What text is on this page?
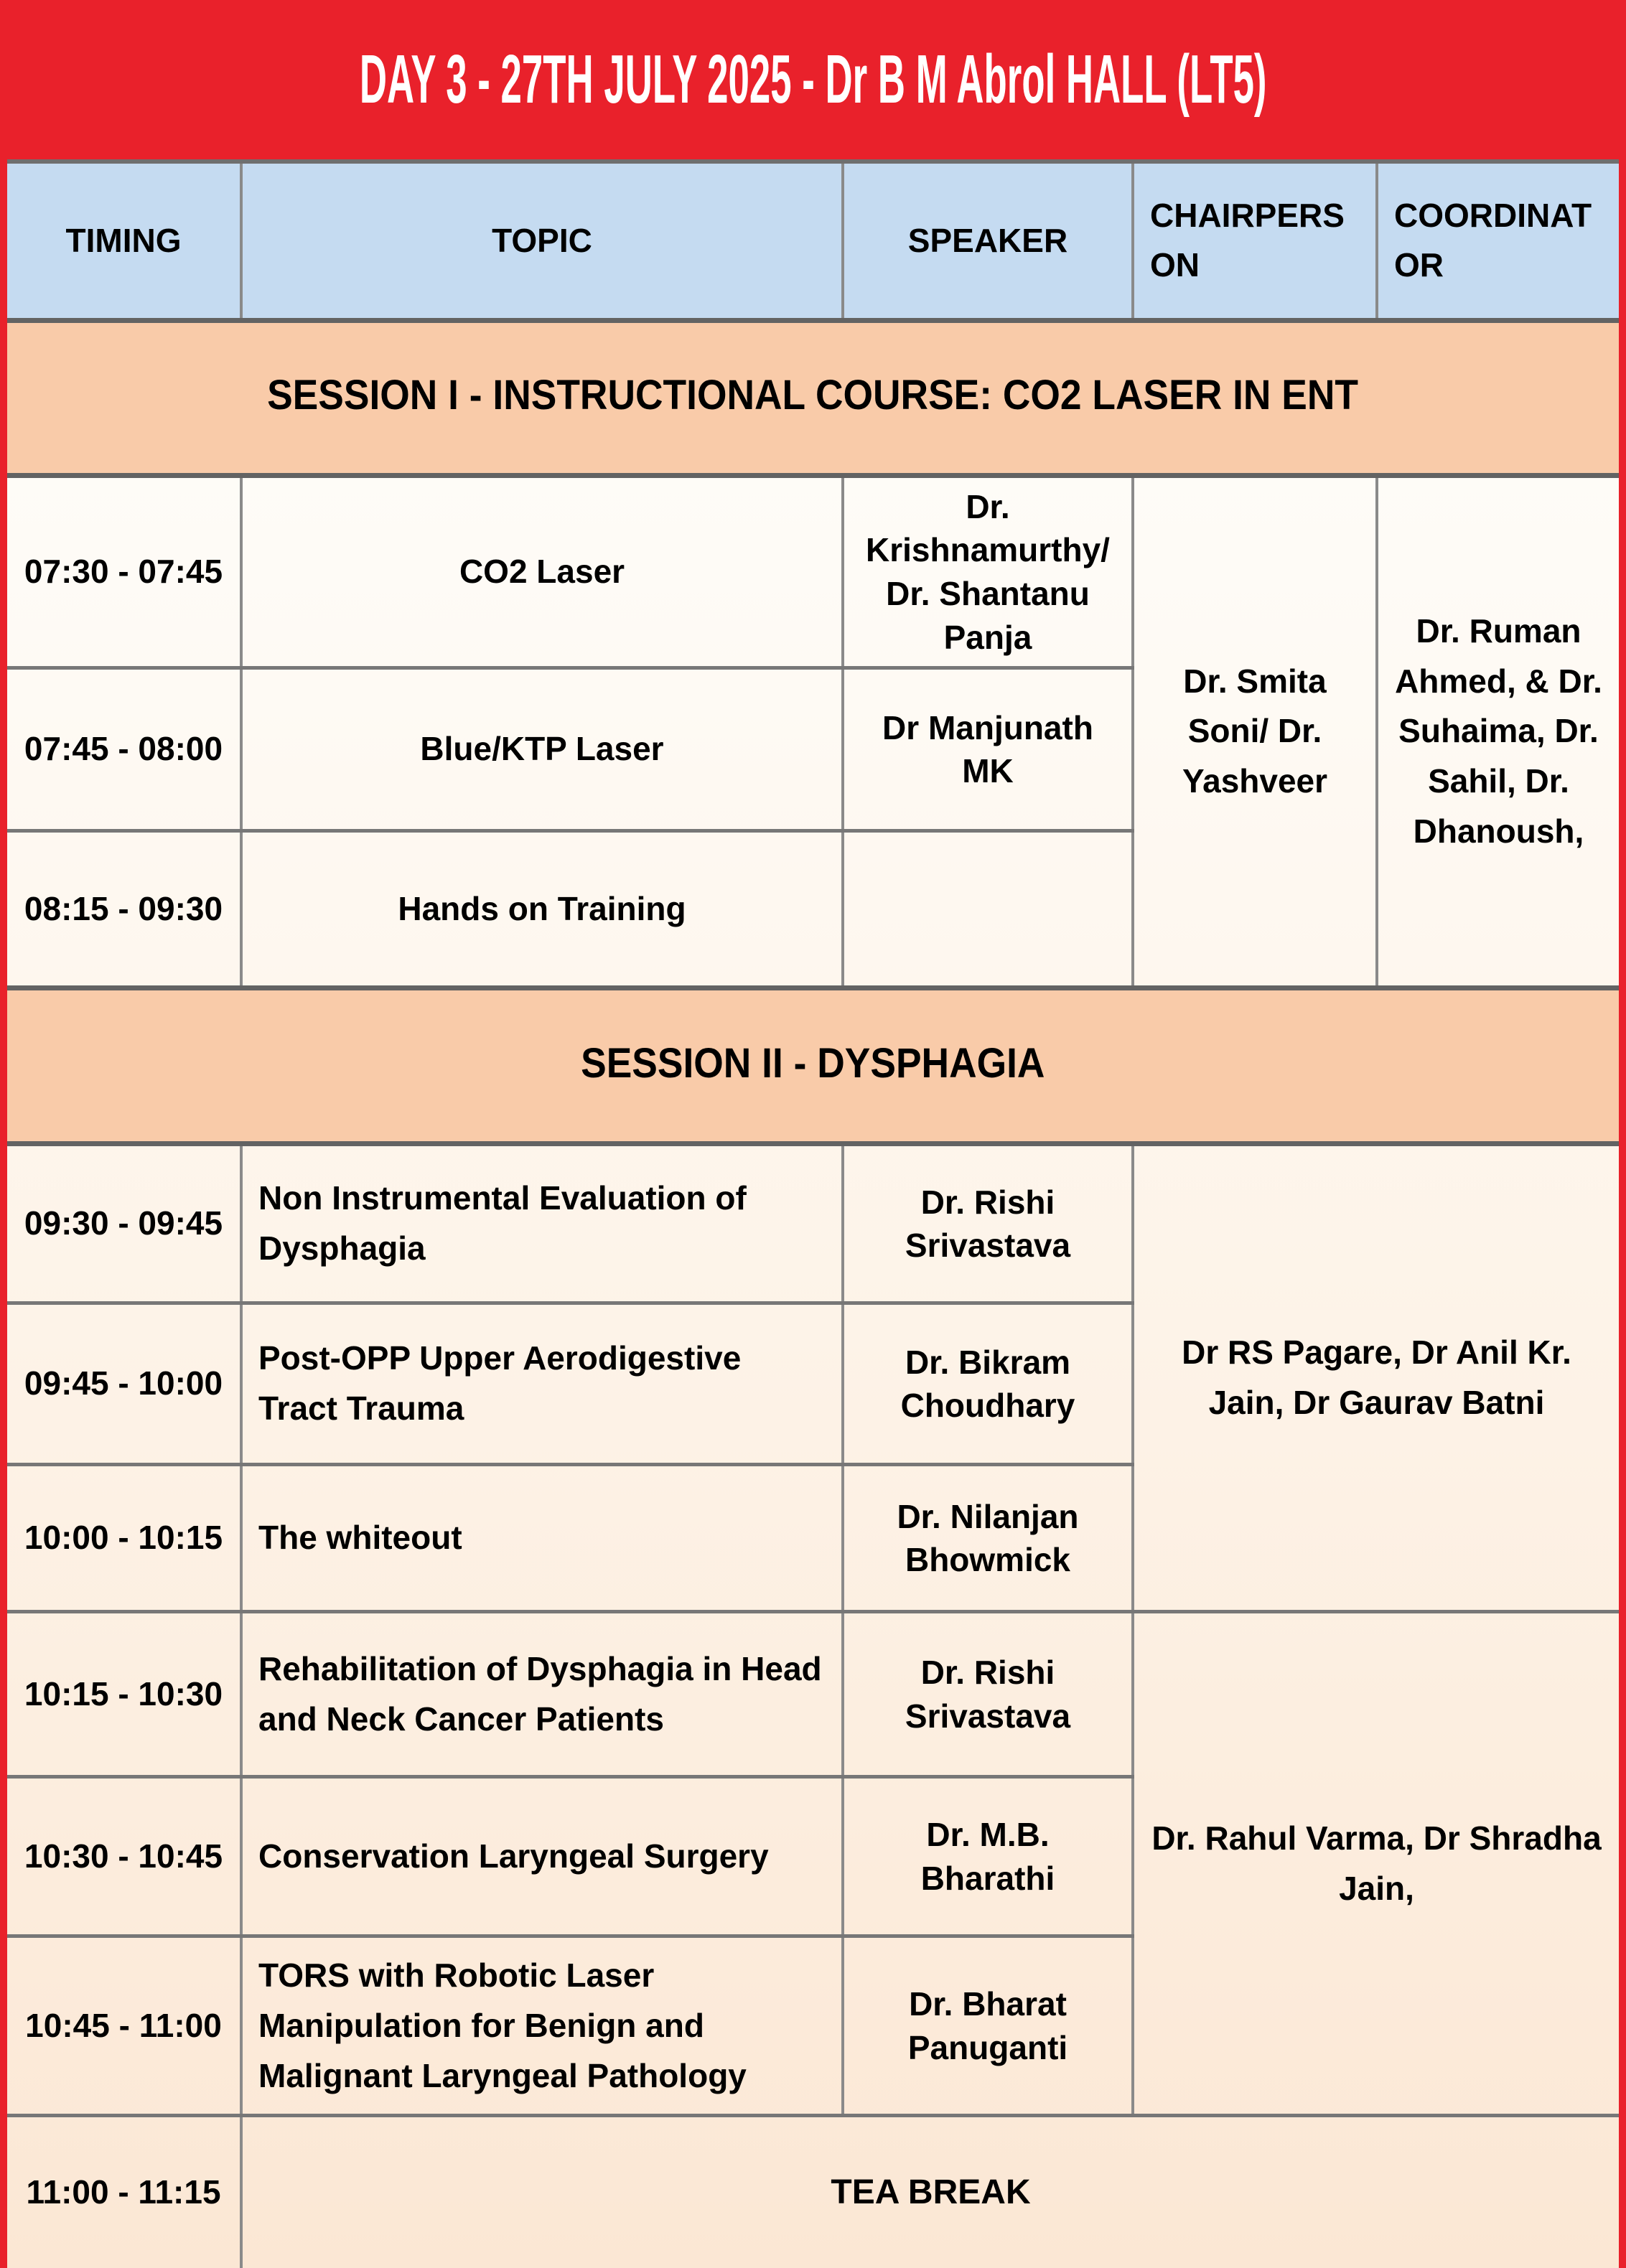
DAY 3 - 27TH JULY 2025 - Dr B M Abrol HALL (LT5)
TIMING	TOPIC	SPEAKER	CHAIRPERSON	COORDINATOR
SESSION I - INSTRUCTIONAL COURSE: CO2 LASER IN ENT				
07:30 - 07:45	CO2 Laser	Dr. Krishnamurthy/ Dr. Shantanu Panja	Dr. Smita Soni/ Dr. Yashveer	Dr. Ruman Ahmed, & Dr. Suhaima, Dr. Sahil, Dr. Dhanoush,
07:45 - 08:00	Blue/KTP Laser	Dr Manjunath MK		
08:15 - 09:30	Hands on Training			
SESSION II - DYSPHAGIA				
09:30 - 09:45	Non Instrumental Evaluation of Dysphagia	Dr. Rishi Srivastava	Dr RS Pagare, Dr Anil Kr. Jain, Dr Gaurav Batni	
09:45 - 10:00	Post-OPP Upper Aerodigestive Tract Trauma	Dr. Bikram Choudhary		
10:00 - 10:15	The whiteout	Dr. Nilanjan Bhowmick		
10:15 - 10:30	Rehabilitation of Dysphagia in Head and Neck Cancer Patients	Dr. Rishi Srivastava	Dr. Rahul Varma, Dr Shradha Jain,	
10:30 - 10:45	Conservation Laryngeal Surgery	Dr. M.B. Bharathi		
10:45 - 11:00	TORS with Robotic Laser Manipulation for Benign and Malignant Laryngeal Pathology	Dr. Bharat Panuganti		
11:00 - 11:15	TEA BREAK			
